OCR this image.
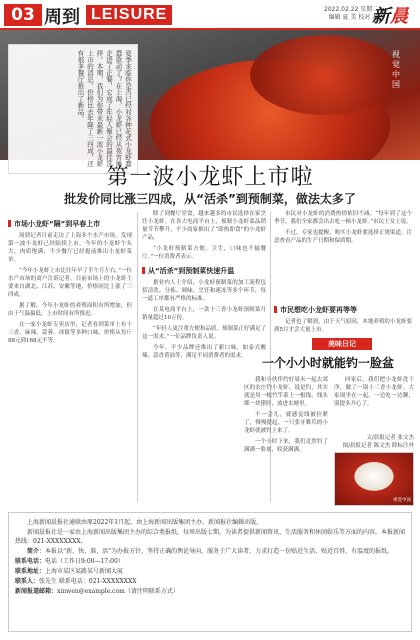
03 周到 LEISURE	2022.02.22 星期二
编辑 夏 美 校对 苏
新晨
视觉中国
夏季来临你是否已经对各种花式小龙虾蠢蠢欲动了？在上海，小龙虾已经从夜宵摊走进了正餐，它成了年轻人聚会的最佳选择。本期，我们为你带来最新一波小龙虾上市的消息，价格比去年降了三四成，还有很多餐厅推出了新品。
第一波小龙虾上市啦
批发价同比涨三四成，从“活杀”到预制菜，做法太多了
市场小龙虾“隔”到早春上市

周到记者日前走访了上海多个水产市场，发现第一波小龙虾已经陆续上市。今年的小龙虾个头大、肉质饱满，不少餐厅已经提前推出小龙虾菜单。

“今年小龙虾上市比往年早了半个月左右。”一位水产市场的商户告诉记者，目前市场上的小龙虾主要来自湖北、江苏、安徽等地，价格同比上涨了三四成。

据了解，今年小龙虾的养殖面积有所增加，但由于气温偏低，上市时间有所推迟。

在一家小龙虾专卖店里，记者看到菜单上有十三香、麻辣、蒜蓉、冰镇等多种口味，价格从每斤88元到168元不等。

除了到餐厅堂食，越来越多的市民选择在家烹饪小龙虾。在各大电商平台上，预制小龙虾菜品销量节节攀升，不少商家推出了“即热即食”的小龙虾产品。

“小龙虾预制菜方便、卫生，口味也不输餐厅。”一位消费者表示。

从“活杀”到预制菜快速升温

据业内人士介绍，小龙虾预制菜的加工流程包括清洗、分拣、调味、烹饪和速冻等多个环节，每一道工序都有严格的标准。

在某电商平台上，一款十三香小龙虾预制菜月销量超过10万份。

“年轻人更注重方便和品质，预制菜正好满足了这一需求。”一位品牌负责人说。

今年，不少品牌还推出了新口味，如泰式酸辣、蒜香黄油等，满足不同消费者的需求。

市民对小龙虾的消费热情依旧不减。“每年到了这个季节，我们全家都会出去吃一顿小龙虾。”市民王女士说。

不过，专家也提醒，购买小龙虾要选择正规渠道，注意查看产品的生产日期和保质期。

市民想吃小龙虾要再等等

记者也了解到，由于天气原因，本地养殖的小龙虾要到5月才会大量上市。

美味日记
一个小小时就能钓一脸盆

我和小伙伴约好周末一起去郊区的农庄钓小龙虾。说是钓，其实就是用一根竹竿系上一根线，线头绑一块猪肝，放进水塘里。

不一会儿，就感觉线被拉紧了，慢慢提起，一只张牙舞爪的小龙虾就被钓上来了。

一个小时下来，我们竟然钓了满满一脸盆，收获满满。

回家后，我们把小龙虾洗干净，做了一锅十三香小龙虾。大家围坐在一起，一边吃一边聊，别提多开心了。

文/晨报记者 张文杰
图/晨报记者 陈文杰 除标注外
视觉中国
上海新闻晨报社通联由原2022年1月起，由上海新闻出版集团主办，新闻报社编辑出版。
新闻晨报社是一家由上海新闻出版集团主办的综合类报纸，每周出版七期，为读者提供新闻资讯、生活服务和休闲娱乐等方面的内容。本报新闻热线：021-XXXXXXXX。
简介：本报以“新、快、准、活”为办报方针，坚持正确的舆论导向，服务于广大读者，力求打造一份贴近生活、贴近百姓、有温度的报纸。
联系电话：电话（工作日9:00—17:00）
联系地址：上海市某区某路某号新闻大厦
联系人：张先生 联系电话：021-XXXXXXXX
新闻报道邮箱：xinwen@example.com（请注明联系方式）
